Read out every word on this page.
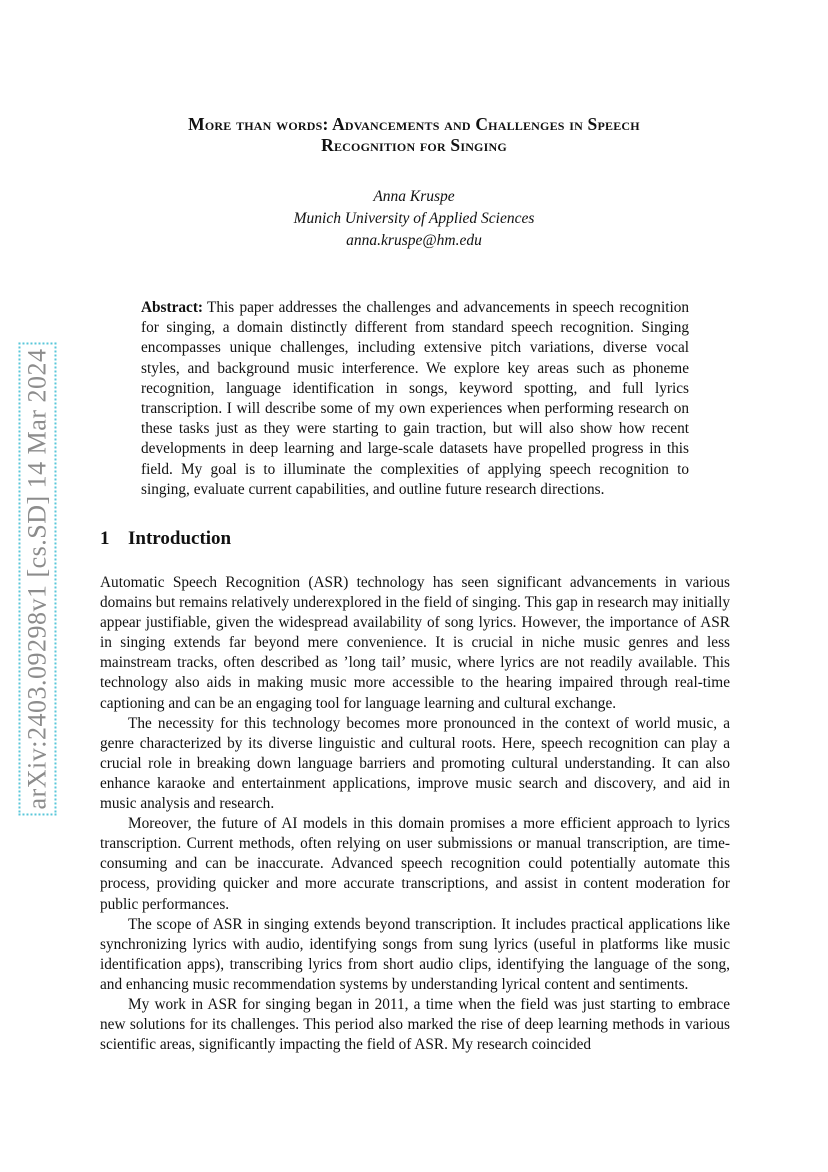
arXiv:2403.09298v1 [cs.SD] 14 Mar 2024
More than words: Advancements and Challenges in Speech
Recognition for Singing
Anna Kruspe
Munich University of Applied Sciences
anna.kruspe@hm.edu
Abstract: This paper addresses the challenges and advancements in speech recognition for singing, a domain distinctly different from standard speech recognition. Singing encompasses unique challenges, including extensive pitch variations, diverse vocal styles, and background music interference. We explore key areas such as phoneme recognition, language identification in songs, keyword spotting, and full lyrics transcription. I will describe some of my own experiences when performing research on these tasks just as they were starting to gain traction, but will also show how recent developments in deep learning and large-scale datasets have propelled progress in this field. My goal is to illuminate the complexities of applying speech recognition to singing, evaluate current capabilities, and outline future research directions.
1 Introduction

Automatic Speech Recognition (ASR) technology has seen significant advancements in various domains but remains relatively underexplored in the field of singing. This gap in research may initially appear justifiable, given the widespread availability of song lyrics. However, the importance of ASR in singing extends far beyond mere convenience. It is crucial in niche music genres and less mainstream tracks, often described as ’long tail’ music, where lyrics are not readily available. This technology also aids in making music more accessible to the hearing impaired through real-time captioning and can be an engaging tool for language learning and cultural exchange.

The necessity for this technology becomes more pronounced in the context of world music, a genre characterized by its diverse linguistic and cultural roots. Here, speech recognition can play a crucial role in breaking down language barriers and promoting cultural understanding. It can also enhance karaoke and entertainment applications, improve music search and discovery, and aid in music analysis and research.

Moreover, the future of AI models in this domain promises a more efficient approach to lyrics transcription. Current methods, often relying on user submissions or manual transcription, are time-consuming and can be inaccurate. Advanced speech recognition could potentially automate this process, providing quicker and more accurate transcriptions, and assist in content moderation for public performances.

The scope of ASR in singing extends beyond transcription. It includes practical applications like synchronizing lyrics with audio, identifying songs from sung lyrics (useful in platforms like music identification apps), transcribing lyrics from short audio clips, identifying the language of the song, and enhancing music recommendation systems by understanding lyrical content and sentiments.

My work in ASR for singing began in 2011, a time when the field was just starting to embrace new solutions for its challenges. This period also marked the rise of deep learning methods in various scientific areas, significantly impacting the field of ASR. My research coincided
